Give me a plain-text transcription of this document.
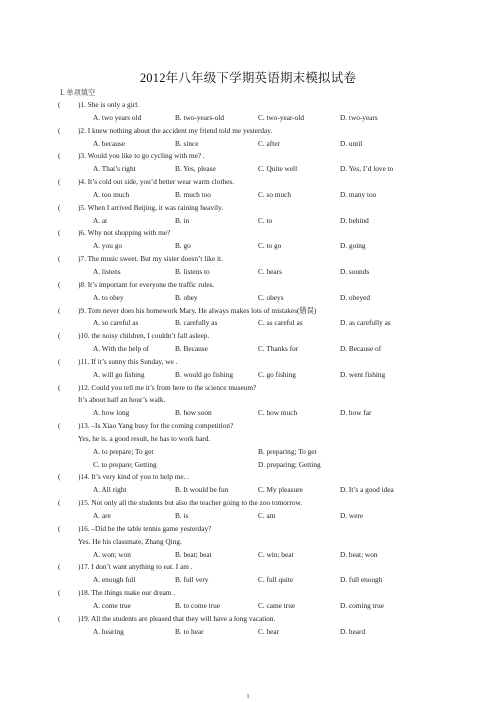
2012年八年级下学期英语期末模拟试卷
Ⅰ. 单项填空
( )1. She is only a girl.
A. two years old	B. two-years-old	C. two-year-old	D. two-years
( )2. I knew nothing about the accident my friend told me yesterday.
A. because	B. since	C. after	D. until
( )3. Would you like to go cycling with me? .
A. That’s right	B. Yes, please	C. Quite well	D. Yes, I’d love to
( )4. It’s cold out side, you’d better wear warm clothes.
A. too much	B. much too	C. so much	D. many too
( )5. When I arrived Beijing, it was raining heavily.
A. at	B. in	C. to	D. behind
( )6. Why not shopping with me?
A. you go	B. go	C. to go	D. going
( )7. The music sweet. But my sister doesn’t like it.
A. listens	B. listens to	C. hears	D. sounds
( )8. It’s important for everyone the traffic rules.
A. to obey	B. obey	C. obeys	D. obeyed
( )9. Tom never does his homework Mary. He always makes lots of mistakes(错误)
A. so careful as	B. carefully as	C. as careful as	D. as carefully as
( )10. the noisy children, I couldn’t fall asleep.
A. With the help of	B. Because	C. Thanks for	D. Because of
( )11. If it’s sunny this Sunday, we .
A. will go fishing	B. would go fishing	C. go fishing	D. went fishing
( )12. Could you tell me it’s from here to the science museum?
It’s about half an hour’s walk.
A. how long	B. how soon	C. how much	D. how far
( )13. –Is Xiao Yang busy for the coming competition?
Yes, he is. a good result, he has to work hard.
A. to prepare; To get	B. preparing; To get
C. to prepare; Getting	D. preparing; Getting
( )14. It’s very kind of you to help me. .
A. All right	B. It would be fun	C. My pleasure	D. It’s a good idea
( )15. Not only all the students but also the teacher going to the zoo tomorrow.
A. are	B. is	C. am	D. were
( )16. –Did he the table tennis game yesterday?
Yes. He his classmate, Zhang Qing.
A. won; won	B. beat; beat	C. win; beat	D. beat; won
( )17. I don’t want anything to eat. I am .
A. enough full	B. full very	C. full quite	D. full enough
( )18. The things make our dream .
A. come true	B. to come true	C. came true	D. coming true
( )19. All the students are pleased that they will have a long vacation.
A. hearing	B. to hear	C. hear	D. heard
1
